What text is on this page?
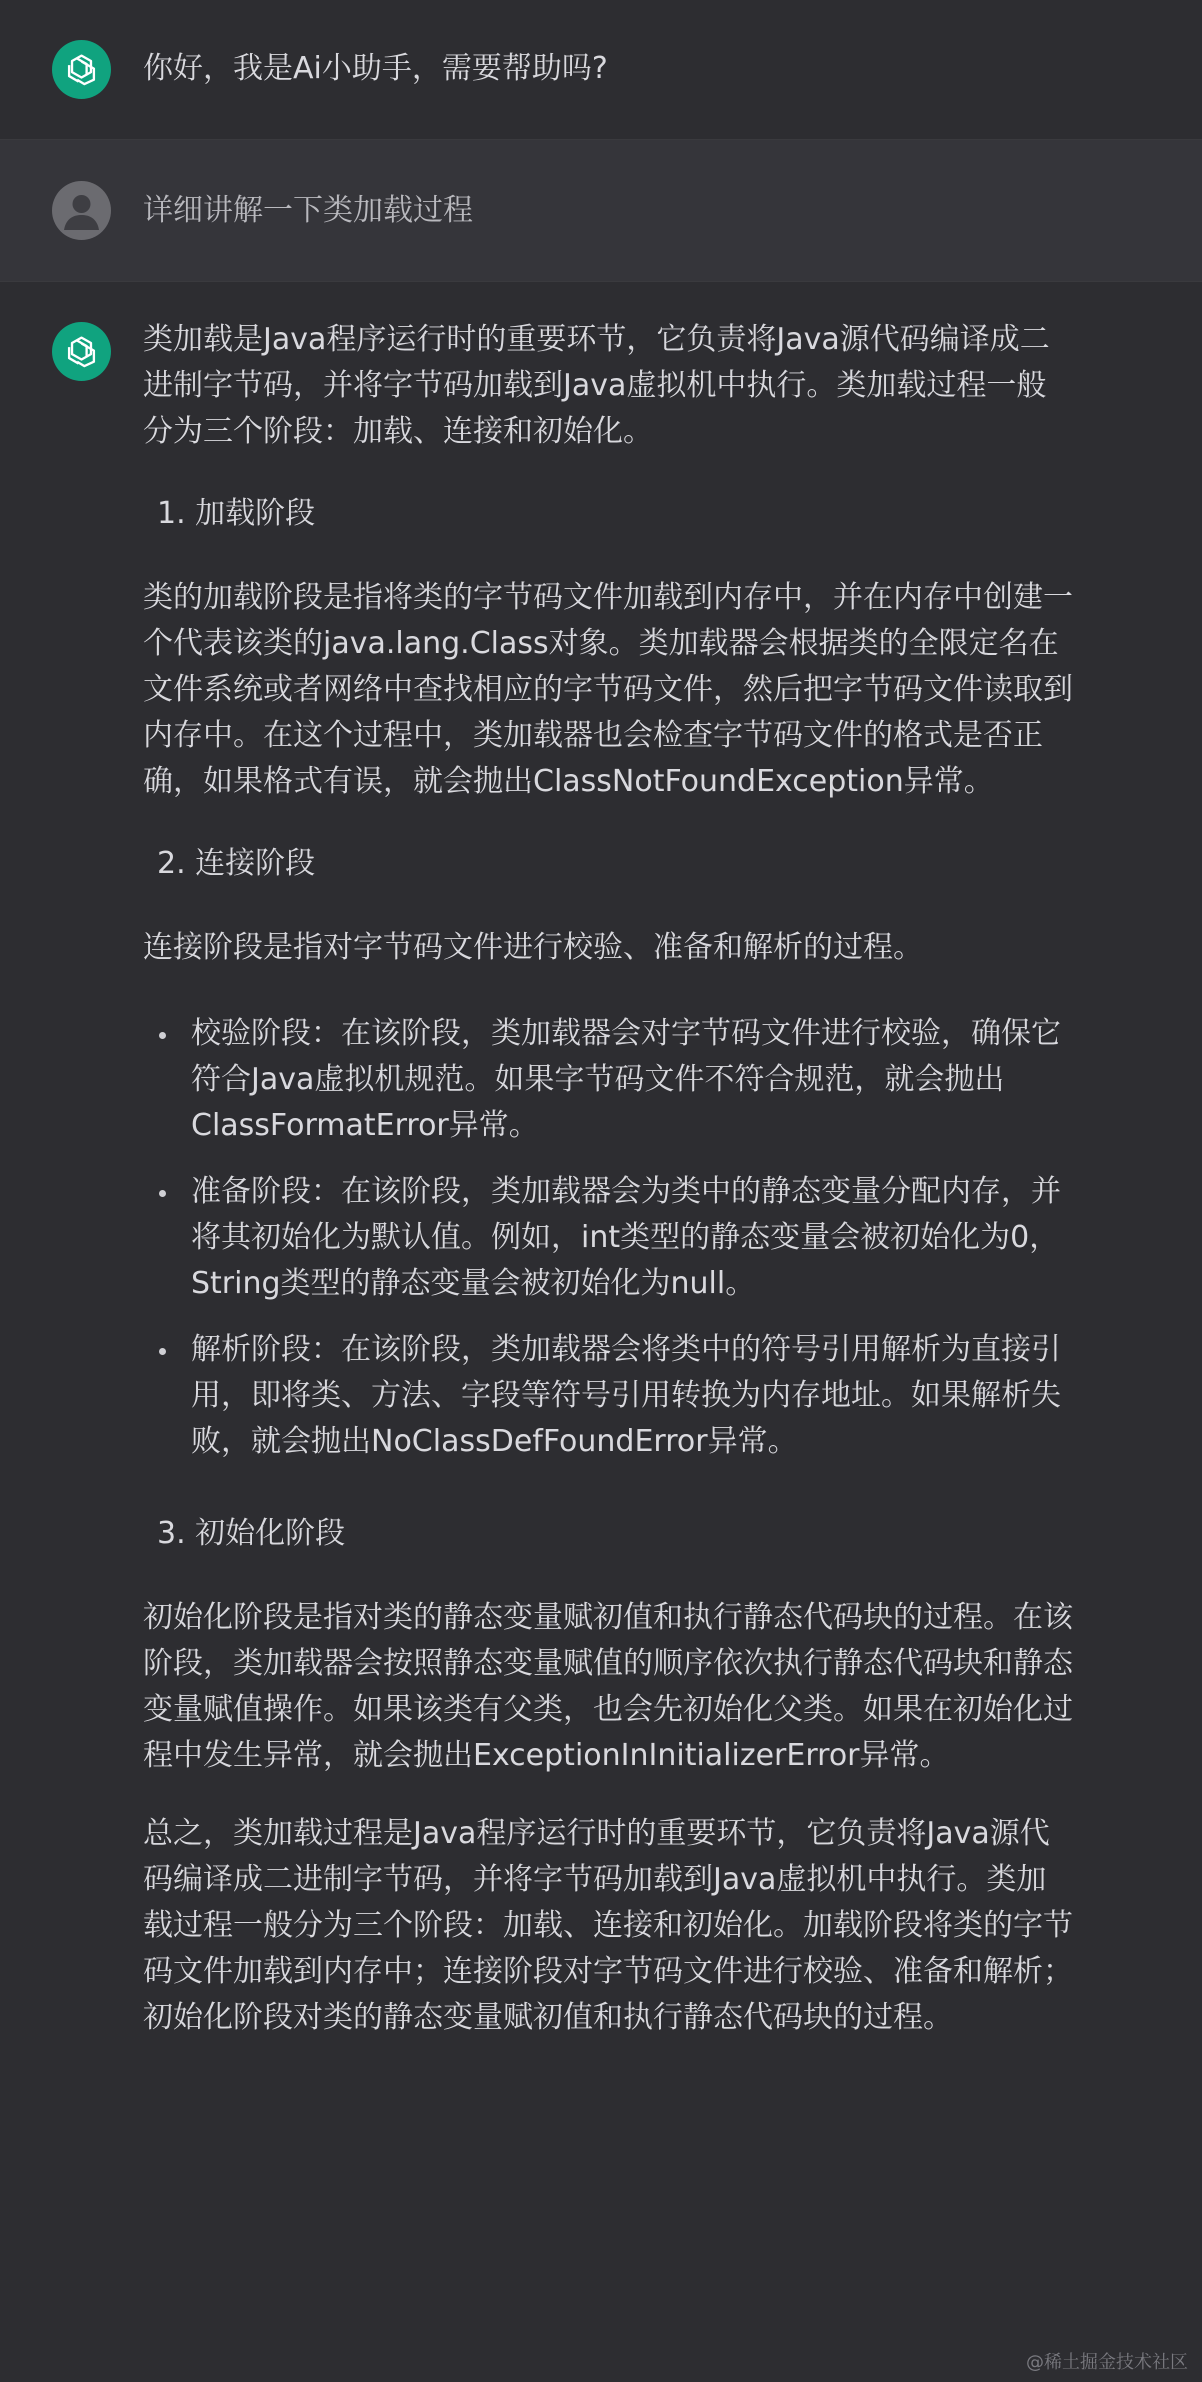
你好，我是Ai小助手，需要帮助吗?
详细讲解一下类加载过程

类加载是Java程序运行时的重要环节，它负责将Java源代码编译成二进制字节码，并将字节码加载到Java虚拟机中执行。类加载过程一般分为三个阶段：加载、连接和初始化。

1. 加载阶段

类的加载阶段是指将类的字节码文件加载到内存中，并在内存中创建一个代表该类的java.lang.Class对象。类加载器会根据类的全限定名在文件系统或者网络中查找相应的字节码文件，然后把字节码文件读取到内存中。在这个过程中，类加载器也会检查字节码文件的格式是否正确，如果格式有误，就会抛出ClassNotFoundException异常。

2. 连接阶段

连接阶段是指对字节码文件进行校验、准备和解析的过程。

校验阶段：在该阶段，类加载器会对字节码文件进行校验，确保它符合Java虚拟机规范。如果字节码文件不符合规范，就会抛出ClassFormatError异常。
准备阶段：在该阶段，类加载器会为类中的静态变量分配内存，并将其初始化为默认值。例如，int类型的静态变量会被初始化为0，String类型的静态变量会被初始化为null。
解析阶段：在该阶段，类加载器会将类中的符号引用解析为直接引用，即将类、方法、字段等符号引用转换为内存地址。如果解析失败，就会抛出NoClassDefFoundError异常。

3. 初始化阶段

初始化阶段是指对类的静态变量赋初值和执行静态代码块的过程。在该阶段，类加载器会按照静态变量赋值的顺序依次执行静态代码块和静态变量赋值操作。如果该类有父类，也会先初始化父类。如果在初始化过程中发生异常，就会抛出ExceptionInInitializerError异常。

总之，类加载过程是Java程序运行时的重要环节，它负责将Java源代码编译成二进制字节码，并将字节码加载到Java虚拟机中执行。类加载过程一般分为三个阶段：加载、连接和初始化。加载阶段将类的字节码文件加载到内存中；连接阶段对字节码文件进行校验、准备和解析；初始化阶段对类的静态变量赋初值和执行静态代码块的过程。

@稀土掘金技术社区
